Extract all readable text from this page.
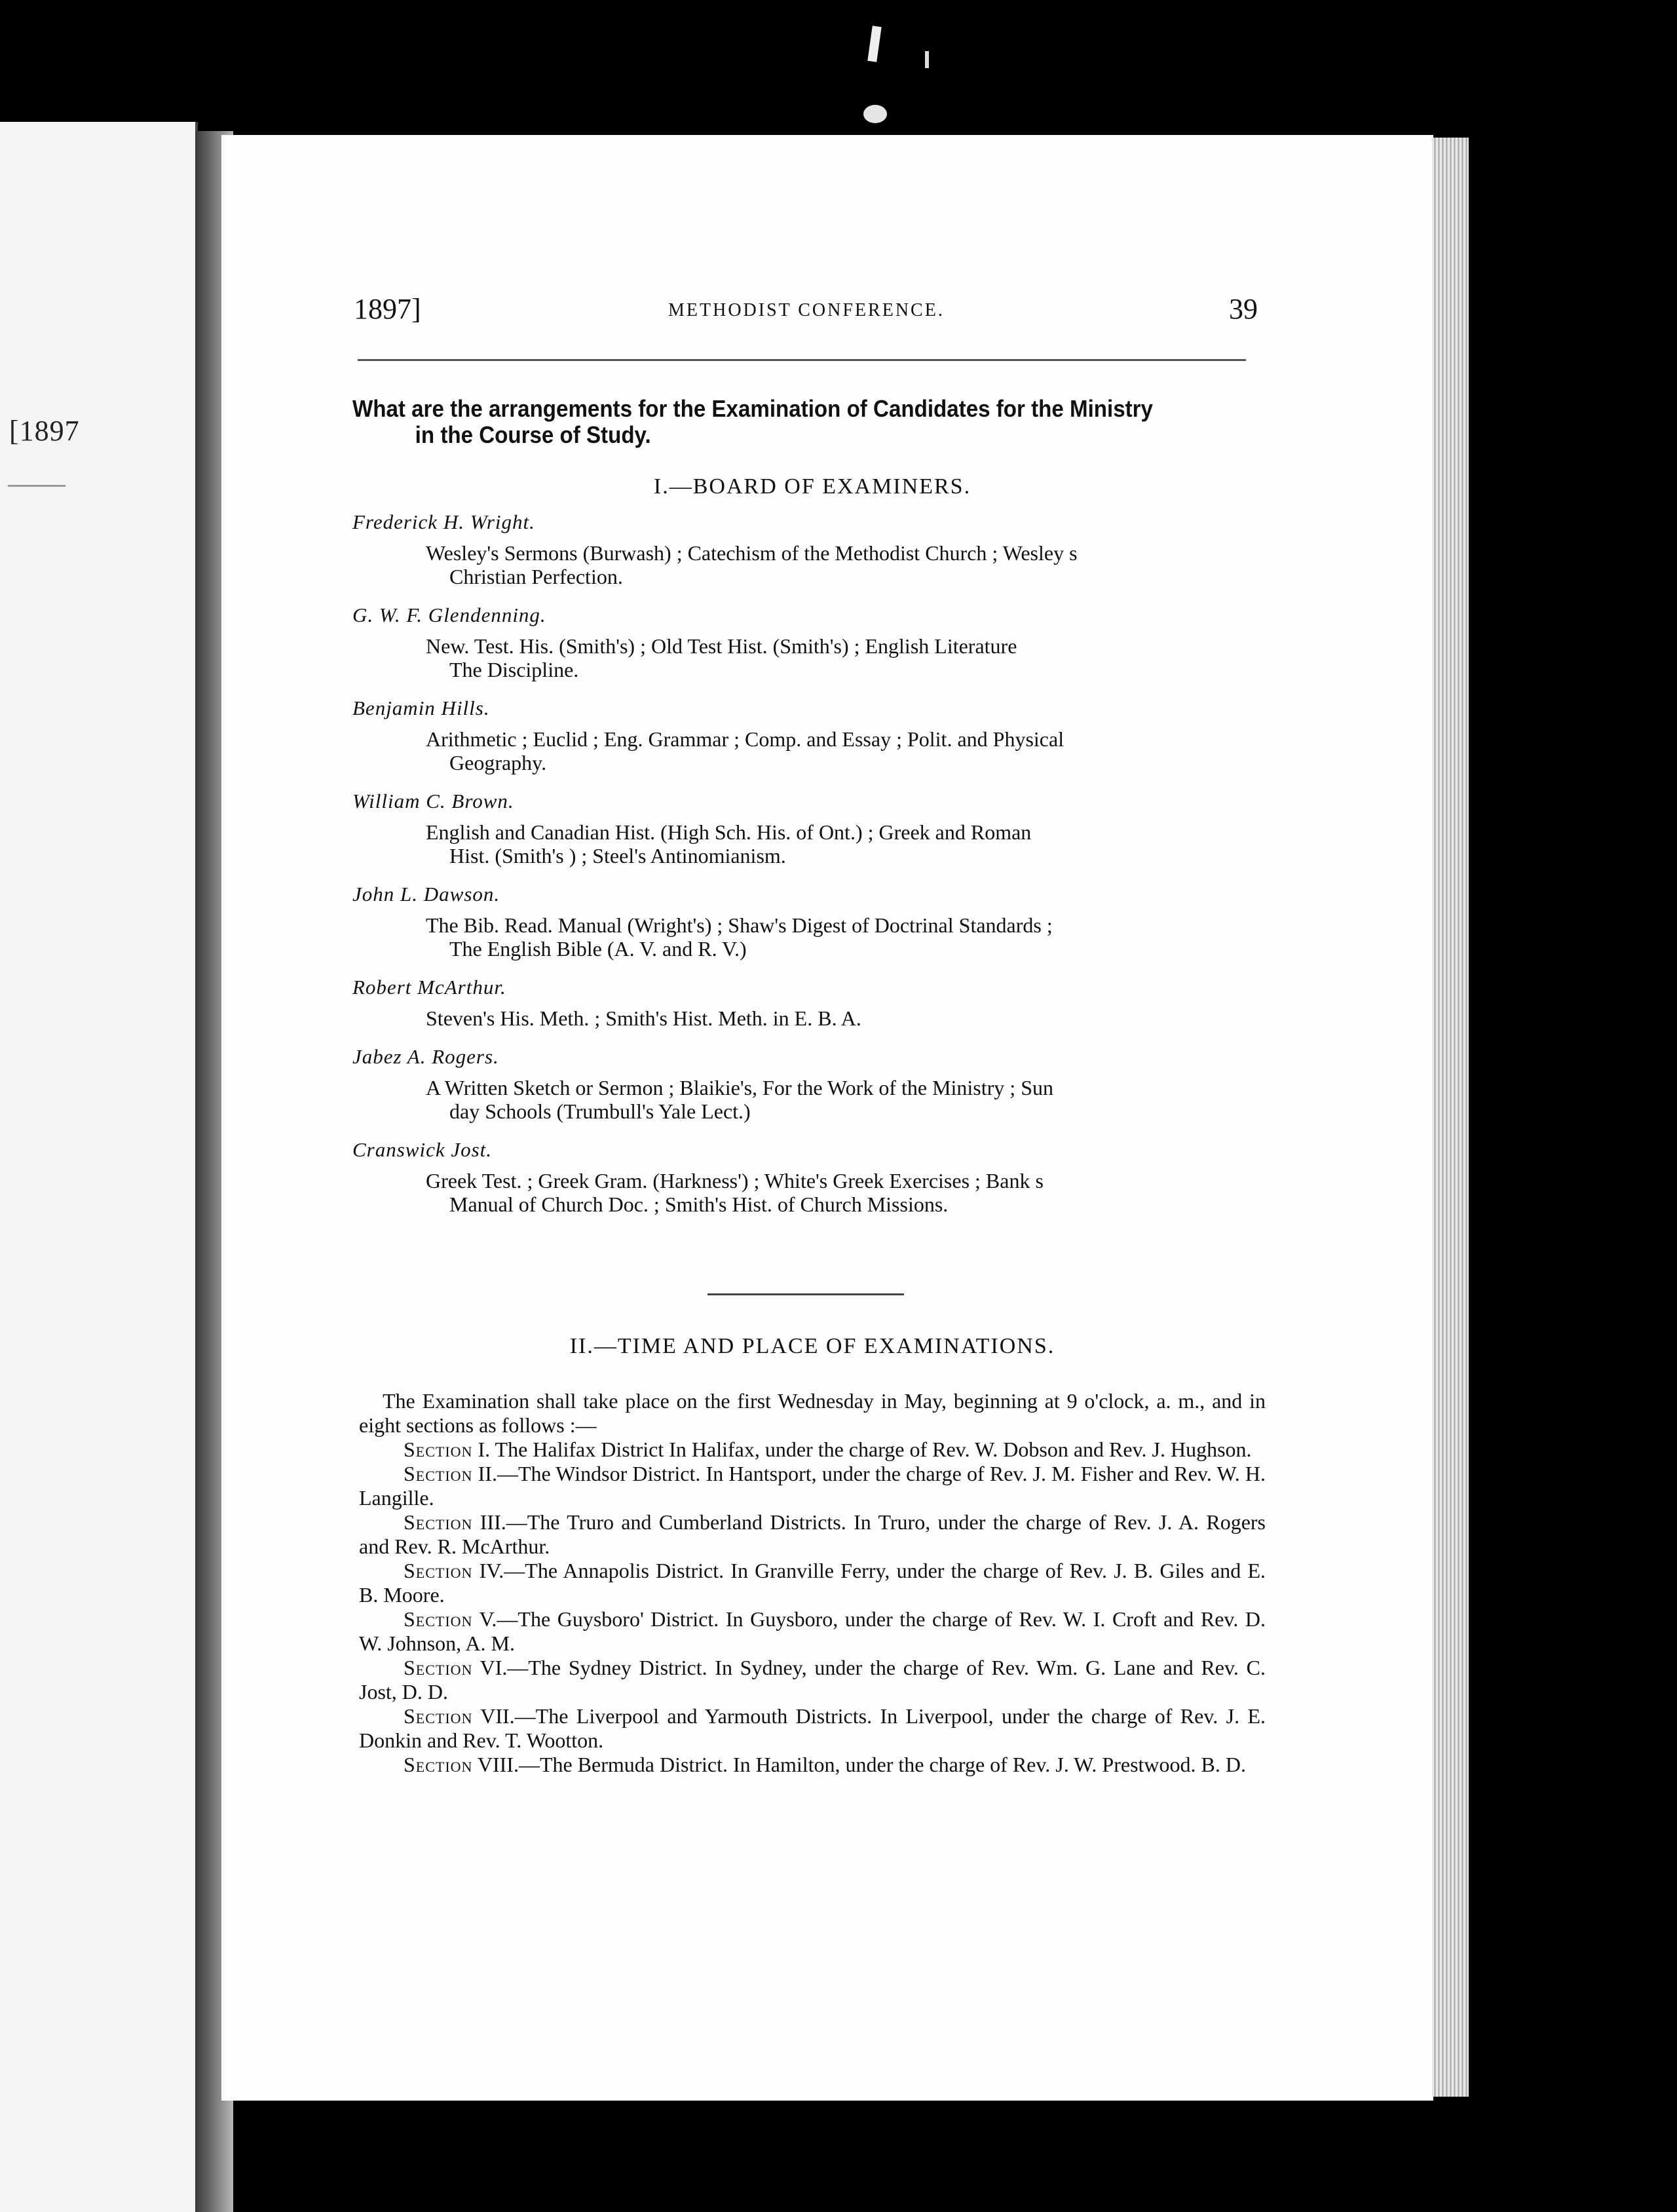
[1897
1897]	METHODIST CONFERENCE.	39
What are the arrangements for the Examination of Candidates for the Ministry
in the Course of Study.
I.—BOARD OF EXAMINERS.
Frederick H. Wright.
Wesley's Sermons (Burwash) ; Catechism of the Methodist Church ; Wesley s
Christian Perfection.
G. W. F. Glendenning.
New. Test. His. (Smith's) ; Old Test Hist. (Smith's) ; English Literature
The Discipline.
Benjamin Hills.
Arithmetic ; Euclid ; Eng. Grammar ; Comp. and Essay ; Polit. and Physical
Geography.
William C. Brown.
English and Canadian Hist. (High Sch. His. of Ont.) ; Greek and Roman
Hist. (Smith's ) ; Steel's Antinomianism.
John L. Dawson.
The Bib. Read. Manual (Wright's) ; Shaw's Digest of Doctrinal Standards ;
The English Bible (A. V. and R. V.)
Robert McArthur.
Steven's His. Meth. ; Smith's Hist. Meth. in E. B. A.
Jabez A. Rogers.
A Written Sketch or Sermon ; Blaikie's, For the Work of the Ministry ; Sun
day Schools (Trumbull's Yale Lect.)
Cranswick Jost.
Greek Test. ; Greek Gram. (Harkness') ; White's Greek Exercises ; Bank s
Manual of Church Doc. ; Smith's Hist. of Church Missions.
II.—TIME AND PLACE OF EXAMINATIONS.

The Examination shall take place on the first Wednesday in May, beginning at 9 o'clock, a. m., and in eight sections as follows :—

Section I. The Halifax District In Halifax, under the charge of Rev. W. Dobson and Rev. J. Hughson.

Section II.—The Windsor District. In Hantsport, under the charge of Rev. J. M. Fisher and Rev. W. H. Langille.

Section III.—The Truro and Cumberland Districts. In Truro, under the charge of Rev. J. A. Rogers and Rev. R. McArthur.

Section IV.—The Annapolis District. In Granville Ferry, under the charge of Rev. J. B. Giles and E. B. Moore.

Section V.—The Guysboro' District. In Guysboro, under the charge of Rev. W. I. Croft and Rev. D. W. Johnson, A. M.

Section VI.—The Sydney District. In Sydney, under the charge of Rev. Wm. G. Lane and Rev. C. Jost, D. D.

Section VII.—The Liverpool and Yarmouth Districts. In Liverpool, under the charge of Rev. J. E. Donkin and Rev. T. Wootton.

Section VIII.—The Bermuda District. In Hamilton, under the charge of Rev. J. W. Prestwood. B. D.
